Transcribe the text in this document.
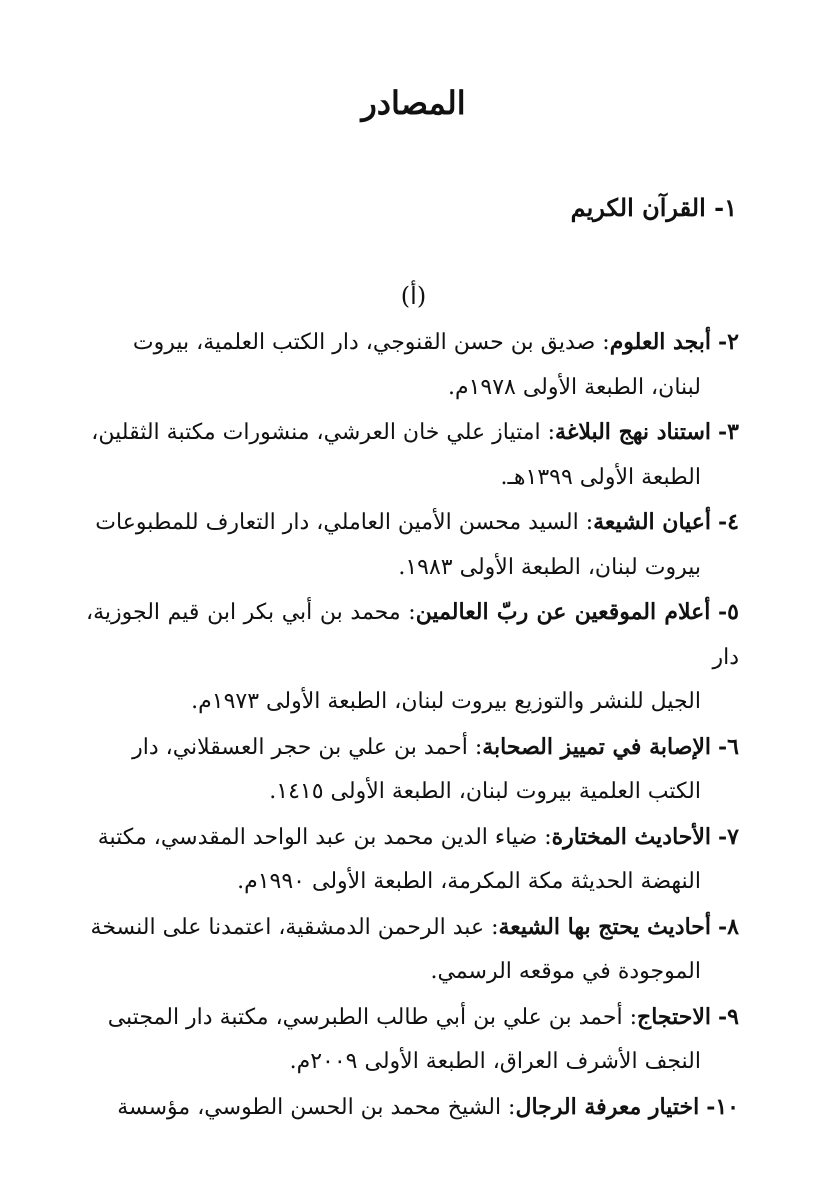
المصادر
١- القرآن الكريم
(أ)
٢- أبجد العلوم: صديق بن حسن القنوجي، دار الكتب العلمية، بيروت
لبنان، الطبعة الأولى ١٩٧٨م.
٣- استناد نهج البلاغة: امتياز علي خان العرشي، منشورات مكتبة الثقلين،
الطبعة الأولى ١٣٩٩هـ.
٤- أعيان الشيعة: السيد محسن الأمين العاملي، دار التعارف للمطبوعات
بيروت لبنان، الطبعة الأولى ١٩٨٣.
٥- أعلام الموقعين عن ربّ العالمين: محمد بن أبي بكر ابن قيم الجوزية، دار
الجيل للنشر والتوزيع بيروت لبنان، الطبعة الأولى ١٩٧٣م.
٦- الإصابة في تمييز الصحابة: أحمد بن علي بن حجر العسقلاني، دار
الكتب العلمية بيروت لبنان، الطبعة الأولى ١٤١٥.
٧- الأحاديث المختارة: ضياء الدين محمد بن عبد الواحد المقدسي، مكتبة
النهضة الحديثة مكة المكرمة، الطبعة الأولى ١٩٩٠م.
٨- أحاديث يحتج بها الشيعة: عبد الرحمن الدمشقية، اعتمدنا على النسخة
الموجودة في موقعه الرسمي.
٩- الاحتجاج: أحمد بن علي بن أبي طالب الطبرسي، مكتبة دار المجتبى
النجف الأشرف العراق، الطبعة الأولى ٢٠٠٩م.
١٠- اختيار معرفة الرجال: الشيخ محمد بن الحسن الطوسي، مؤسسة
